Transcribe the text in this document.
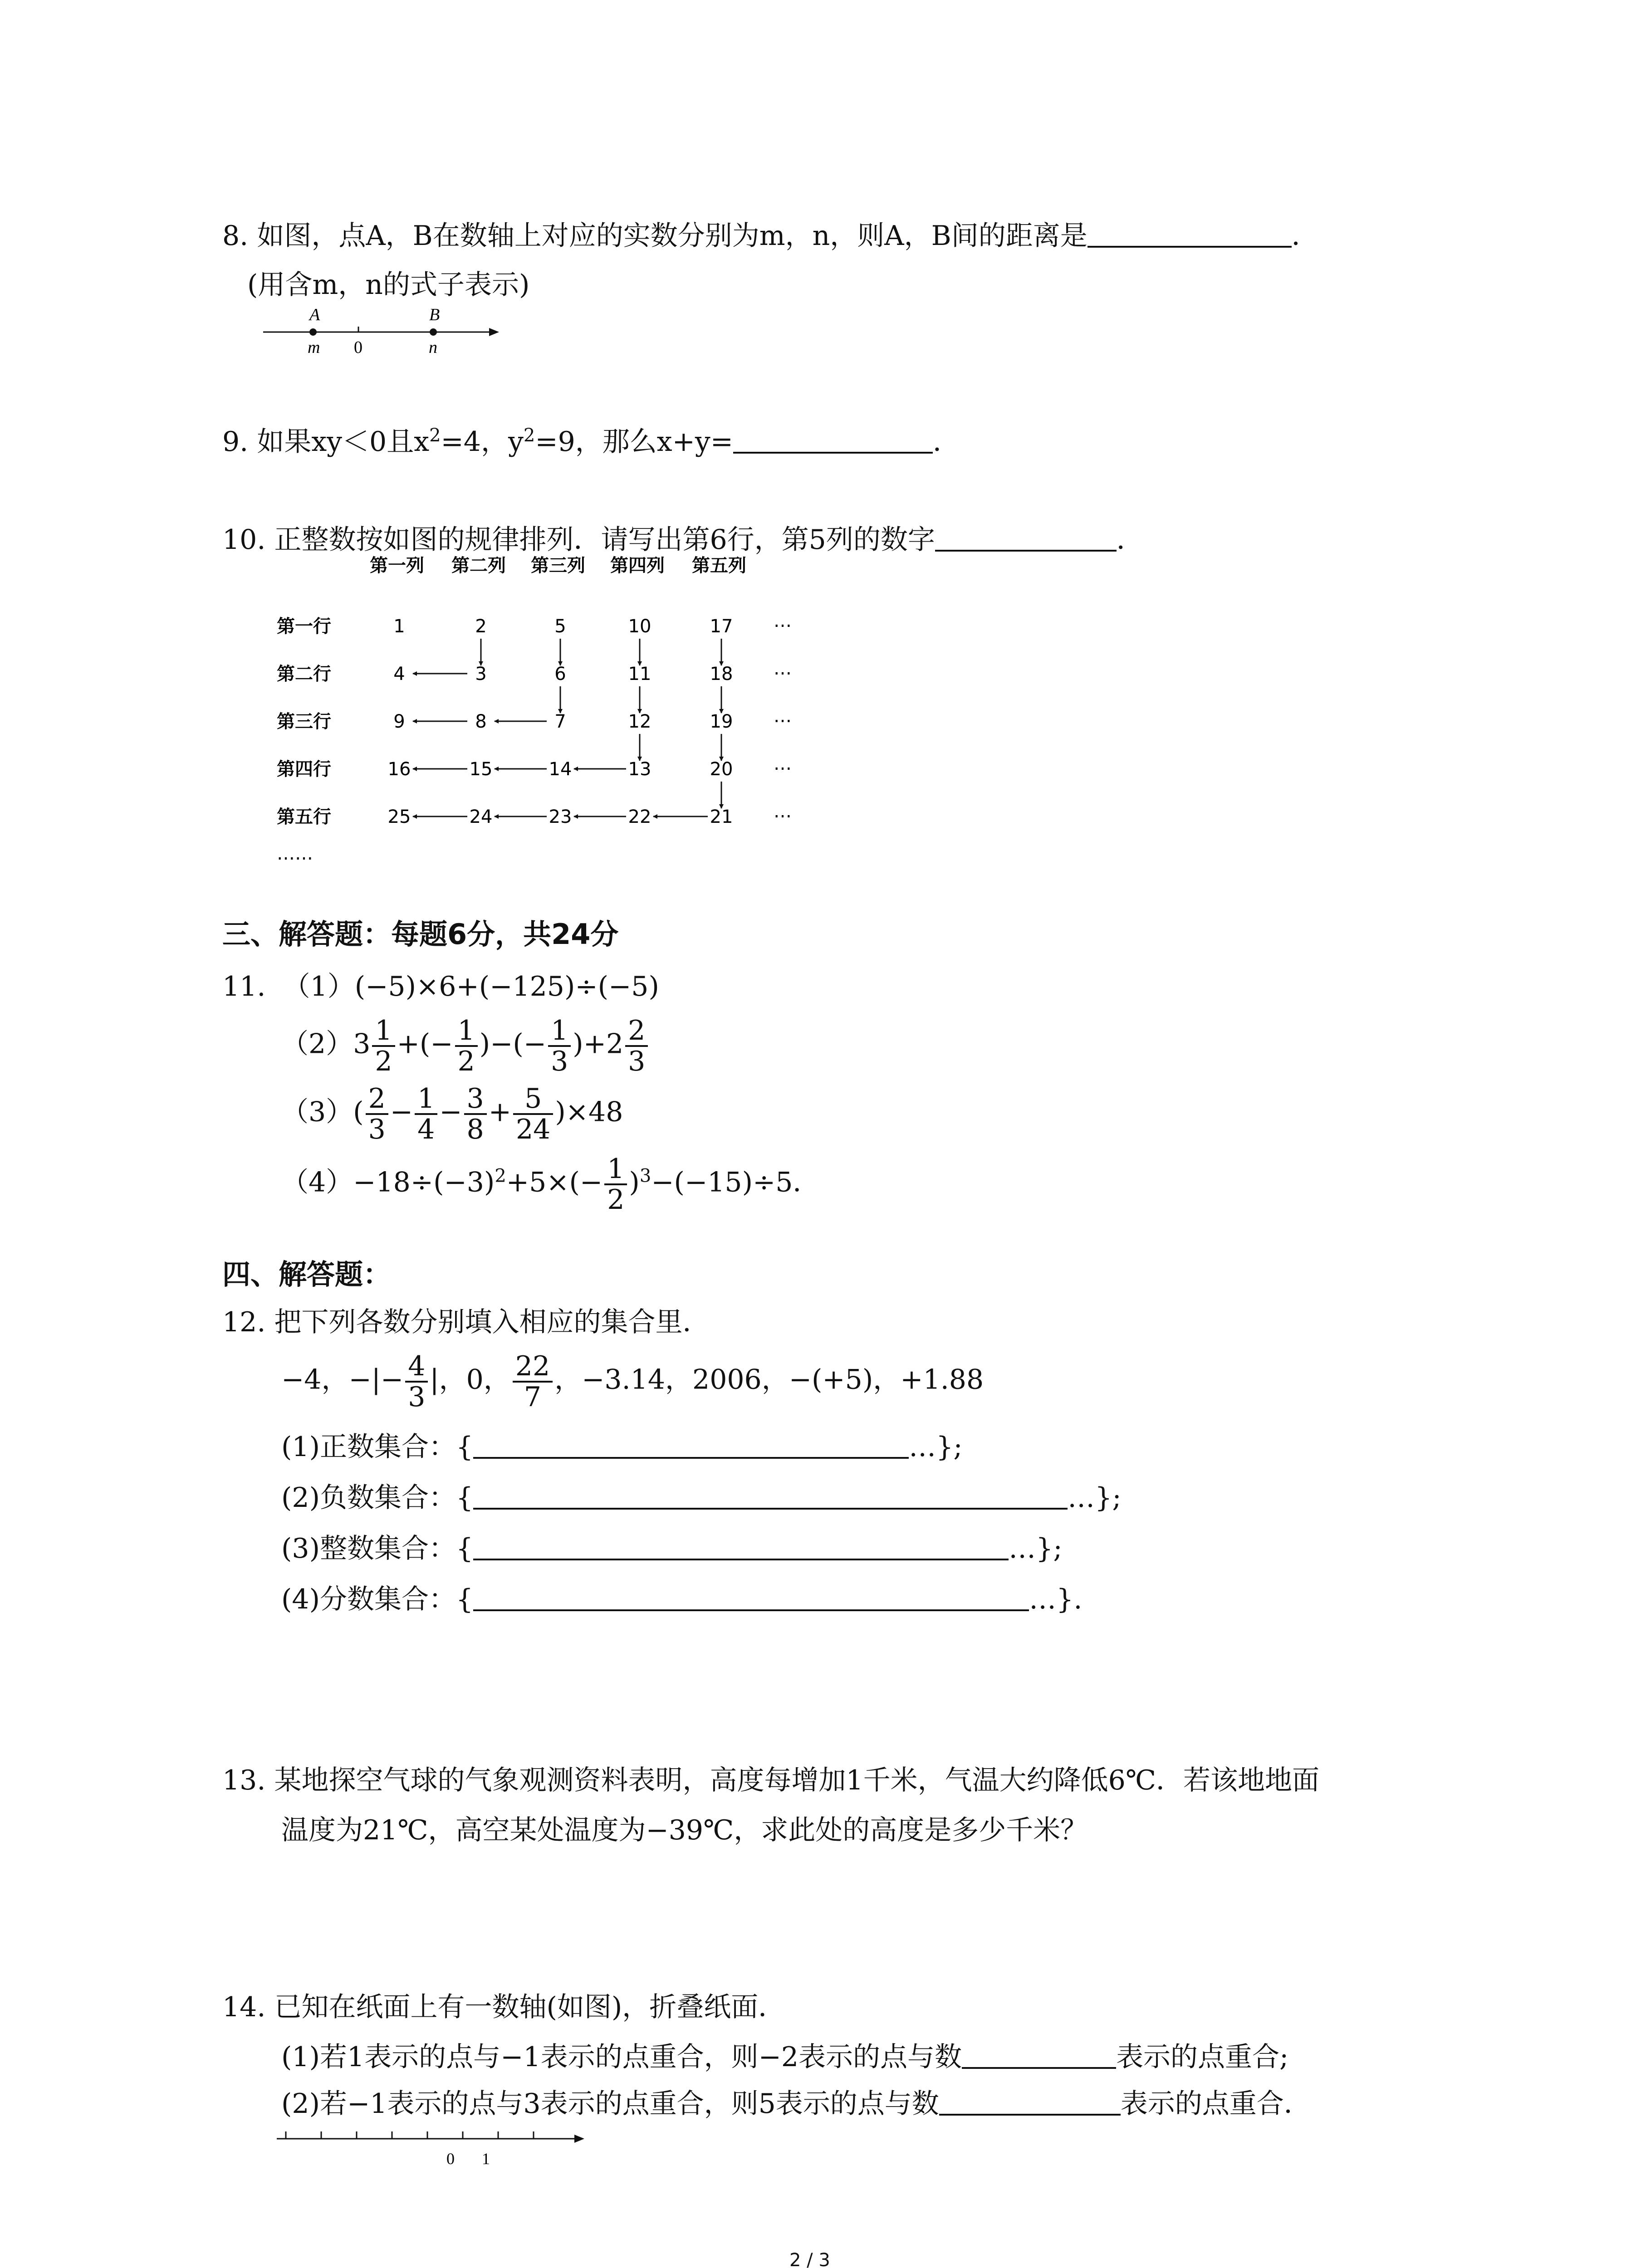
8. 如图，点A，B在数轴上对应的实数分别为m，n，则A，B间的距离是	．
(用含m，n的式子表示)
A	B
m 0	n
9. 如果xy＜0且$x^2=4$，$y^2=9$，那么x+y=	．
10. 正整数按如图的规律排列．请写出第6行，第5列的数字	．
第一列 第二列 第三列 第四列 第五列
第一行
第二行
第三行
第四行
第五行
1	2	5	10	17 …
4	3	6	11	18 …
9	8	7	12	19 …
16	15	14	13	20 …
25	24	23	22	21 …
……
三、解答题：每题6分，共24分
11. （1）(−5)×6+(−125)÷(−5)
$(2)3 \frac{1}{2}$ +(− $\frac{1}{2}$ )−(− $\frac{1}{3} )+2 \frac{2}{3}$
$(3)( \frac{2}{3} - \frac{1}{4} - \frac{3}{8} + \frac{5}{24} )\times 48$
$(4)-18\div(-3)^2+5\times(- \frac{1}{2} )^3-(-15)\div 5$．
四、解答题：
12. 把下列各数分别填入相应的集合里．
−4，−|− $\frac{4}{3}$ |，0， $\frac{22}{7}$ ，−3.14，2006，−(+5)，+1.88
(1)正数集合：{	…};
(2)负数集合：{	…};
(3)整数集合：{	…};
(4)分数集合：{	…}.
13. 某地探空气球的气象观测资料表明，高度每增加1千米，气温大约降低6℃．若该地地面
温度为21℃，高空某处温度为−39℃，求此处的高度是多少千米？
14. 已知在纸面上有一数轴(如图)，折叠纸面．
(1)若1表示的点与−1表示的点重合，则−2表示的点与数	表示的点重合;
(2)若−1表示的点与3表示的点重合，则5表示的点与数	表示的点重合．
0 1
2 / 3
